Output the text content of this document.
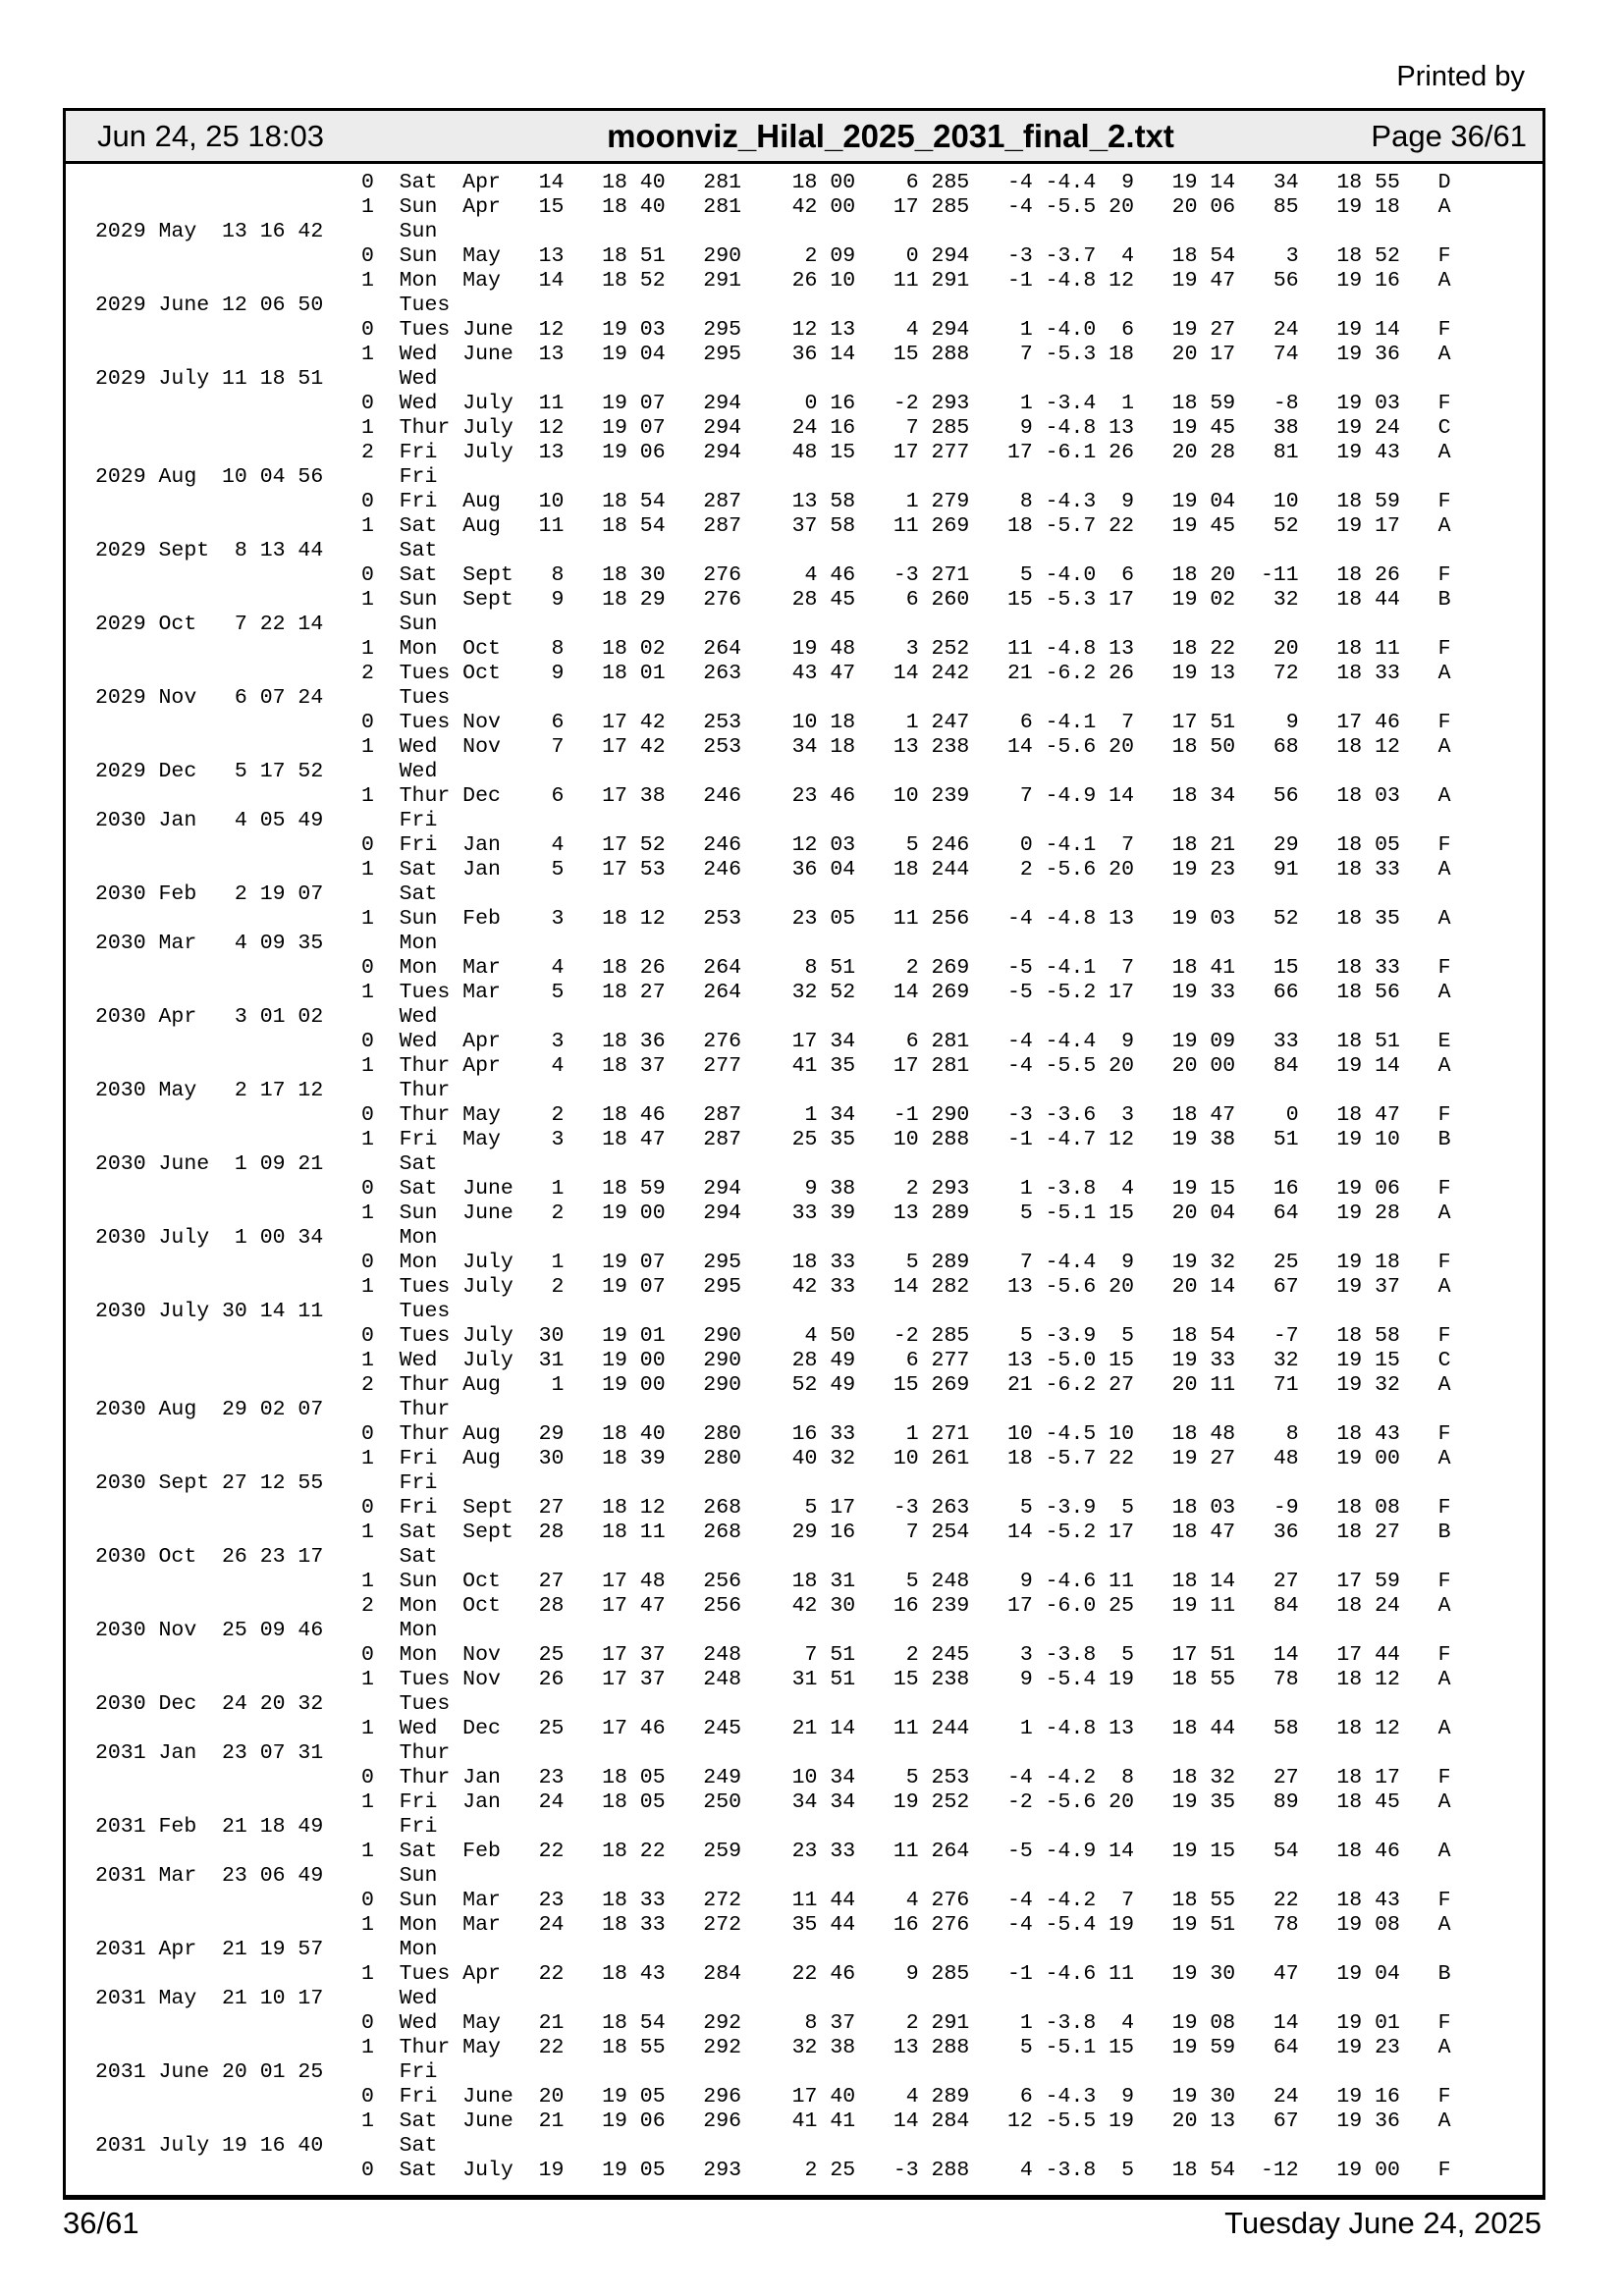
Printed by
Jun 24, 25 18:03	moonviz_Hilal_2025_2031_final_2.txt	Page 36/61
0  Sat  Apr   14   18 40   281    18 00    6 285   -4 -4.4  9   19 14   34   18 55   D
1  Sun  Apr   15   18 40   281    42 00   17 285   -4 -5.5 20   20 06   85   19 18   A
2029 May  13 16 42      Sun
0  Sun  May   13   18 51   290     2 09    0 294   -3 -3.7  4   18 54    3   18 52   F
1  Mon  May   14   18 52   291    26 10   11 291   -1 -4.8 12   19 47   56   19 16   A
2029 June 12 06 50      Tues
0  Tues June  12   19 03   295    12 13    4 294    1 -4.0  6   19 27   24   19 14   F
1  Wed  June  13   19 04   295    36 14   15 288    7 -5.3 18   20 17   74   19 36   A
2029 July 11 18 51      Wed
0  Wed  July  11   19 07   294     0 16   -2 293    1 -3.4  1   18 59   -8   19 03   F
1  Thur July  12   19 07   294    24 16    7 285    9 -4.8 13   19 45   38   19 24   C
2  Fri  July  13   19 06   294    48 15   17 277   17 -6.1 26   20 28   81   19 43   A
2029 Aug  10 04 56      Fri
0  Fri  Aug   10   18 54   287    13 58    1 279    8 -4.3  9   19 04   10   18 59   F
1  Sat  Aug   11   18 54   287    37 58   11 269   18 -5.7 22   19 45   52   19 17   A
2029 Sept  8 13 44      Sat
0  Sat  Sept   8   18 30   276     4 46   -3 271    5 -4.0  6   18 20  -11   18 26   F
1  Sun  Sept   9   18 29   276    28 45    6 260   15 -5.3 17   19 02   32   18 44   B
2029 Oct   7 22 14      Sun
1  Mon  Oct    8   18 02   264    19 48    3 252   11 -4.8 13   18 22   20   18 11   F
2  Tues Oct    9   18 01   263    43 47   14 242   21 -6.2 26   19 13   72   18 33   A
2029 Nov   6 07 24      Tues
0  Tues Nov    6   17 42   253    10 18    1 247    6 -4.1  7   17 51    9   17 46   F
1  Wed  Nov    7   17 42   253    34 18   13 238   14 -5.6 20   18 50   68   18 12   A
2029 Dec   5 17 52      Wed
1  Thur Dec    6   17 38   246    23 46   10 239    7 -4.9 14   18 34   56   18 03   A
2030 Jan   4 05 49      Fri
0  Fri  Jan    4   17 52   246    12 03    5 246    0 -4.1  7   18 21   29   18 05   F
1  Sat  Jan    5   17 53   246    36 04   18 244    2 -5.6 20   19 23   91   18 33   A
2030 Feb   2 19 07      Sat
1  Sun  Feb    3   18 12   253    23 05   11 256   -4 -4.8 13   19 03   52   18 35   A
2030 Mar   4 09 35      Mon
0  Mon  Mar    4   18 26   264     8 51    2 269   -5 -4.1  7   18 41   15   18 33   F
1  Tues Mar    5   18 27   264    32 52   14 269   -5 -5.2 17   19 33   66   18 56   A
2030 Apr   3 01 02      Wed
0  Wed  Apr    3   18 36   276    17 34    6 281   -4 -4.4  9   19 09   33   18 51   E
1  Thur Apr    4   18 37   277    41 35   17 281   -4 -5.5 20   20 00   84   19 14   A
2030 May   2 17 12      Thur
0  Thur May    2   18 46   287     1 34   -1 290   -3 -3.6  3   18 47    0   18 47   F
1  Fri  May    3   18 47   287    25 35   10 288   -1 -4.7 12   19 38   51   19 10   B
2030 June  1 09 21      Sat
0  Sat  June   1   18 59   294     9 38    2 293    1 -3.8  4   19 15   16   19 06   F
1  Sun  June   2   19 00   294    33 39   13 289    5 -5.1 15   20 04   64   19 28   A
2030 July  1 00 34      Mon
0  Mon  July   1   19 07   295    18 33    5 289    7 -4.4  9   19 32   25   19 18   F
1  Tues July   2   19 07   295    42 33   14 282   13 -5.6 20   20 14   67   19 37   A
2030 July 30 14 11      Tues
0  Tues July  30   19 01   290     4 50   -2 285    5 -3.9  5   18 54   -7   18 58   F
1  Wed  July  31   19 00   290    28 49    6 277   13 -5.0 15   19 33   32   19 15   C
2  Thur Aug    1   19 00   290    52 49   15 269   21 -6.2 27   20 11   71   19 32   A
2030 Aug  29 02 07      Thur
0  Thur Aug   29   18 40   280    16 33    1 271   10 -4.5 10   18 48    8   18 43   F
1  Fri  Aug   30   18 39   280    40 32   10 261   18 -5.7 22   19 27   48   19 00   A
2030 Sept 27 12 55      Fri
0  Fri  Sept  27   18 12   268     5 17   -3 263    5 -3.9  5   18 03   -9   18 08   F
1  Sat  Sept  28   18 11   268    29 16    7 254   14 -5.2 17   18 47   36   18 27   B
2030 Oct  26 23 17      Sat
1  Sun  Oct   27   17 48   256    18 31    5 248    9 -4.6 11   18 14   27   17 59   F
2  Mon  Oct   28   17 47   256    42 30   16 239   17 -6.0 25   19 11   84   18 24   A
2030 Nov  25 09 46      Mon
0  Mon  Nov   25   17 37   248     7 51    2 245    3 -3.8  5   17 51   14   17 44   F
1  Tues Nov   26   17 37   248    31 51   15 238    9 -5.4 19   18 55   78   18 12   A
2030 Dec  24 20 32      Tues
1  Wed  Dec   25   17 46   245    21 14   11 244    1 -4.8 13   18 44   58   18 12   A
2031 Jan  23 07 31      Thur
0  Thur Jan   23   18 05   249    10 34    5 253   -4 -4.2  8   18 32   27   18 17   F
1  Fri  Jan   24   18 05   250    34 34   19 252   -2 -5.6 20   19 35   89   18 45   A
2031 Feb  21 18 49      Fri
1  Sat  Feb   22   18 22   259    23 33   11 264   -5 -4.9 14   19 15   54   18 46   A
2031 Mar  23 06 49      Sun
0  Sun  Mar   23   18 33   272    11 44    4 276   -4 -4.2  7   18 55   22   18 43   F
1  Mon  Mar   24   18 33   272    35 44   16 276   -4 -5.4 19   19 51   78   19 08   A
2031 Apr  21 19 57      Mon
1  Tues Apr   22   18 43   284    22 46    9 285   -1 -4.6 11   19 30   47   19 04   B
2031 May  21 10 17      Wed
0  Wed  May   21   18 54   292     8 37    2 291    1 -3.8  4   19 08   14   19 01   F
1  Thur May   22   18 55   292    32 38   13 288    5 -5.1 15   19 59   64   19 23   A
2031 June 20 01 25      Fri
0  Fri  June  20   19 05   296    17 40    4 289    6 -4.3  9   19 30   24   19 16   F
1  Sat  June  21   19 06   296    41 41   14 284   12 -5.5 19   20 13   67   19 36   A
2031 July 19 16 40      Sat
0  Sat  July  19   19 05   293     2 25   -3 288    4 -3.8  5   18 54  -12   19 00   F
36/61	Tuesday June 24, 2025
